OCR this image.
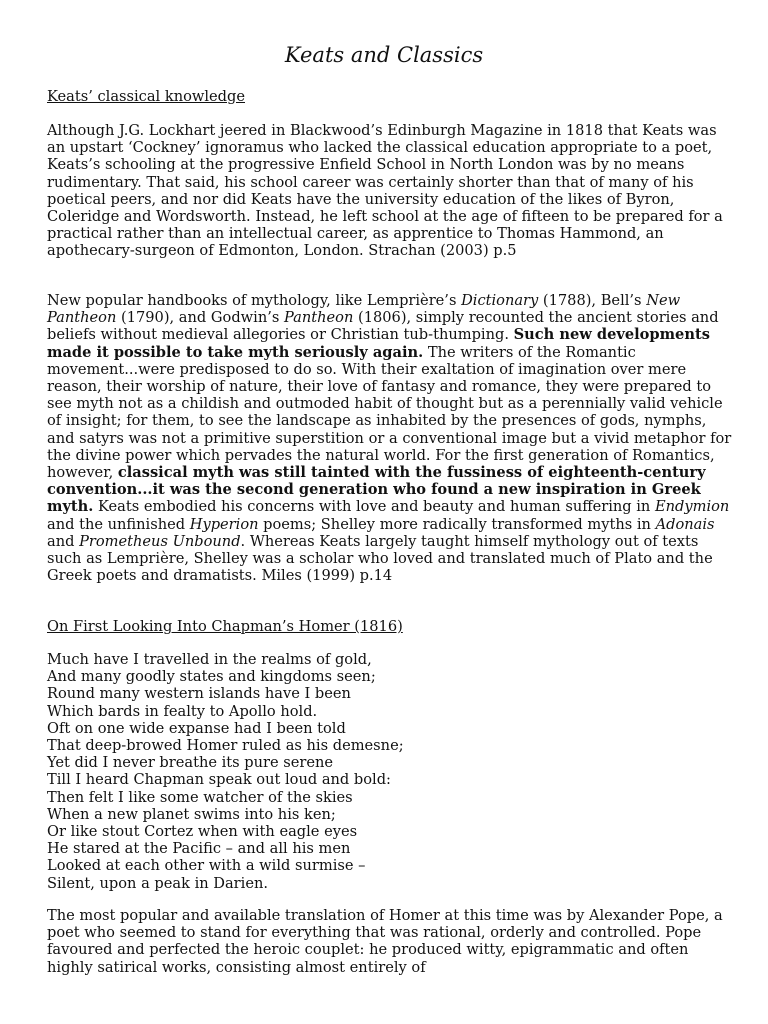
Keats and Classics

Keats’ classical knowledge

Although J.G. Lockhart jeered in Blackwood’s Edinburgh Magazine in 1818 that Keats was an upstart ‘Cockney’ ignoramus who lacked the classical education appropriate to a poet, Keats’s schooling at the progressive Enfield School in North London was by no means rudimentary. That said, his school career was certainly shorter than that of many of his poetical peers, and nor did Keats have the university education of the likes of Byron, Coleridge and Wordsworth. Instead, he left school at the age of fifteen to be prepared for a practical rather than an intellectual career, as apprentice to Thomas Hammond, an apothecary-surgeon of Edmonton, London. Strachan (2003) p.5

New popular handbooks of mythology, like Lemprière’s Dictionary (1788), Bell’s New Pantheon (1790), and Godwin’s Pantheon (1806), simply recounted the ancient stories and beliefs without medieval allegories or Christian tub-thumping. Such new developments made it possible to take myth seriously again. The writers of the Romantic movement...were predisposed to do so. With their exaltation of imagination over mere reason, their worship of nature, their love of fantasy and romance, they were prepared to see myth not as a childish and outmoded habit of thought but as a perennially valid vehicle of insight; for them, to see the landscape as inhabited by the presences of gods, nymphs, and satyrs was not a primitive superstition or a conventional image but a vivid metaphor for the divine power which pervades the natural world. For the first generation of Romantics, however, classical myth was still tainted with the fussiness of eighteenth-century convention...it was the second generation who found a new inspiration in Greek myth. Keats embodied his concerns with love and beauty and human suffering in Endymion and the unfinished Hyperion poems; Shelley more radically transformed myths in Adonais and Prometheus Unbound. Whereas Keats largely taught himself mythology out of texts such as Lemprière, Shelley was a scholar who loved and translated much of Plato and the Greek poets and dramatists. Miles (1999) p.14

On First Looking Into Chapman’s Homer (1816)

Much have I travelled in the realms of gold,
And many goodly states and kingdoms seen;
Round many western islands have I been
Which bards in fealty to Apollo hold.
Oft on one wide expanse had I been told
That deep-browed Homer ruled as his demesne;
Yet did I never breathe its pure serene
Till I heard Chapman speak out loud and bold:
Then felt I like some watcher of the skies
When a new planet swims into his ken;
Or like stout Cortez when with eagle eyes
He stared at the Pacific – and all his men
Looked at each other with a wild surmise –
Silent, upon a peak in Darien.

The most popular and available translation of Homer at this time was by Alexander Pope, a poet who seemed to stand for everything that was rational, orderly and controlled. Pope favoured and perfected the heroic couplet: he produced witty, epigrammatic and often highly satirical works, consisting almost entirely of
